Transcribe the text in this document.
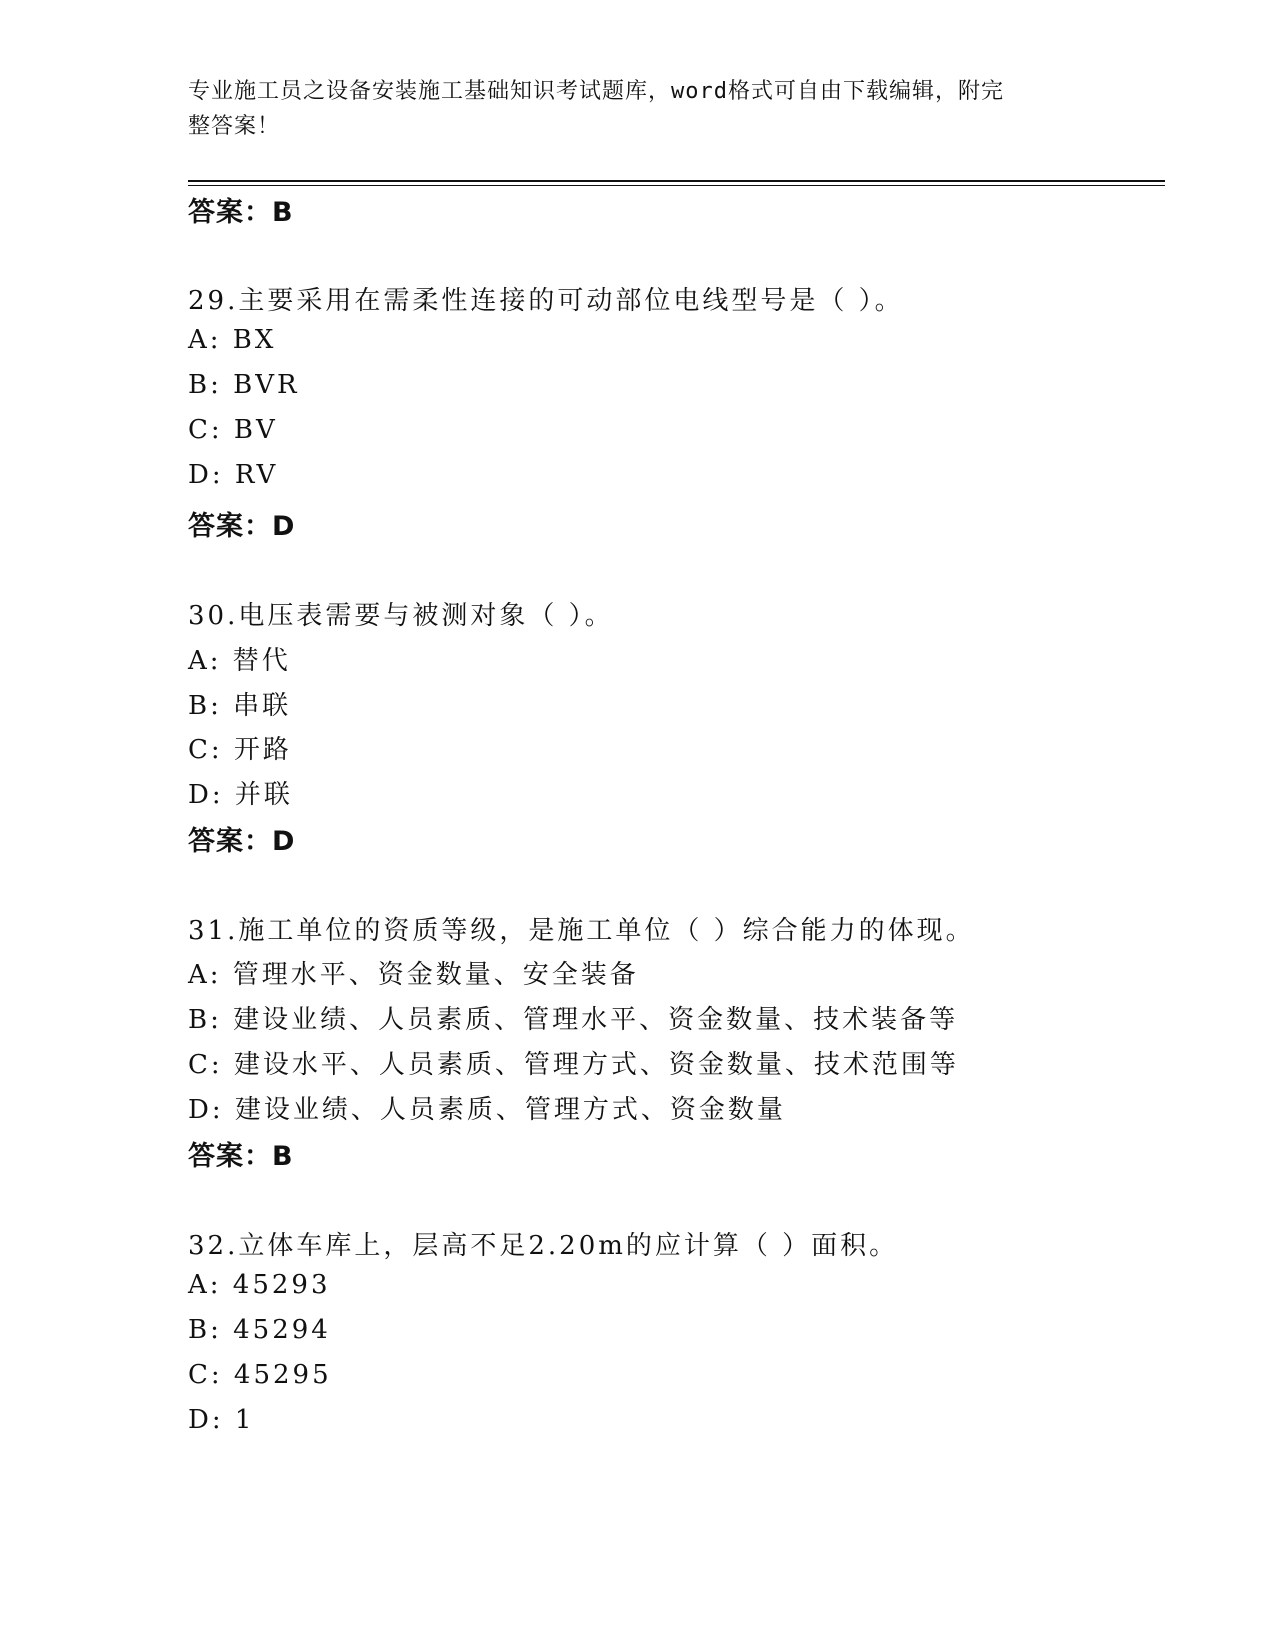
专业施工员之设备安装施工基础知识考试题库，word格式可自由下载编辑，附完
整答案！
答案：B
29.主要采用在需柔性连接的可动部位电线型号是（ ）。
A: BX
B: BVR
C: BV
D: RV
答案：D
30.电压表需要与被测对象（ ）。
A: 替代
B: 串联
C: 开路
D: 并联
答案：D
31.施工单位的资质等级，是施工单位（ ）综合能力的体现。
A: 管理水平、资金数量、安全装备
B: 建设业绩、人员素质、管理水平、资金数量、技术装备等
C: 建设水平、人员素质、管理方式、资金数量、技术范围等
D: 建设业绩、人员素质、管理方式、资金数量
答案：B
32.立体车库上，层高不足2.20m的应计算（ ）面积。
A: 45293
B: 45294
C: 45295
D: 1
